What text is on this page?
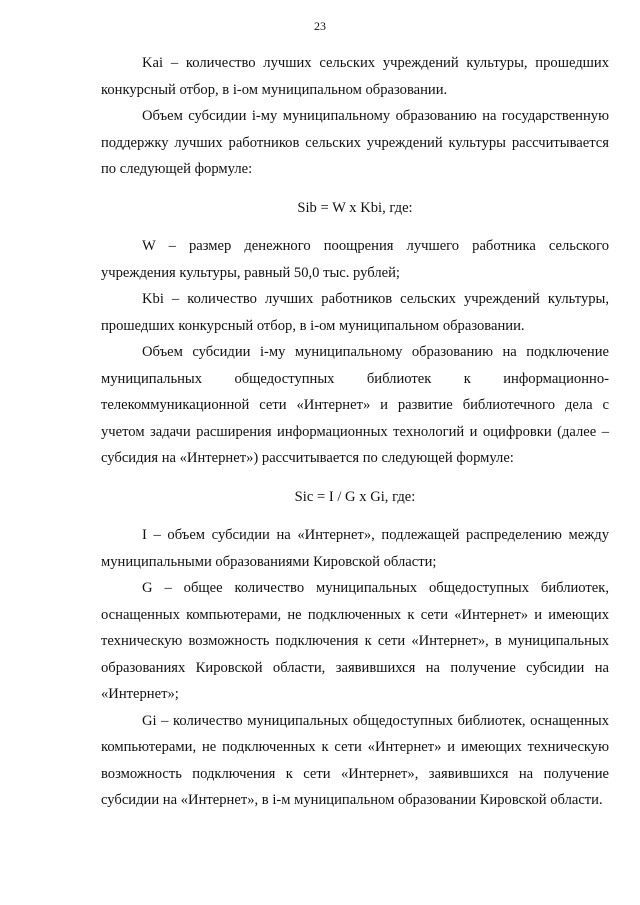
23

Kai – количество лучших сельских учреждений культуры, прошедших конкурсный отбор, в i-ом муниципальном образовании.

Объем субсидии i-му муниципальному образованию на государственную поддержку лучших работников сельских учреждений культуры рассчитывается по следующей формуле:

Sib = W x Kbi, где:

W – размер денежного поощрения лучшего работника сельского учреждения культуры, равный 50,0 тыс. рублей;

Kbi – количество лучших работников сельских учреждений культуры, прошедших конкурсный отбор, в i-ом муниципальном образовании.

Объем субсидии i-му муниципальному образованию на подключение муниципальных общедоступных библиотек к информационно-телекоммуникационной сети «Интернет» и развитие библиотечного дела с учетом задачи расширения информационных технологий и оцифровки (далее – субсидия на «Интернет») рассчитывается по следующей формуле:

Sic = I / G x Gi, где:

I – объем субсидии на «Интернет», подлежащей распределению между муниципальными образованиями Кировской области;

G – общее количество муниципальных общедоступных библиотек, оснащенных компьютерами, не подключенных к сети «Интернет» и имеющих техническую возможность подключения к сети «Интернет», в муниципальных образованиях Кировской области, заявившихся на получение субсидии на «Интернет»;

Gi – количество муниципальных общедоступных библиотек, оснащенных компьютерами, не подключенных к сети «Интернет» и имеющих техническую возможность подключения к сети «Интернет», заявившихся на получение субсидии на «Интернет», в i-м муниципальном образовании Кировской области.
